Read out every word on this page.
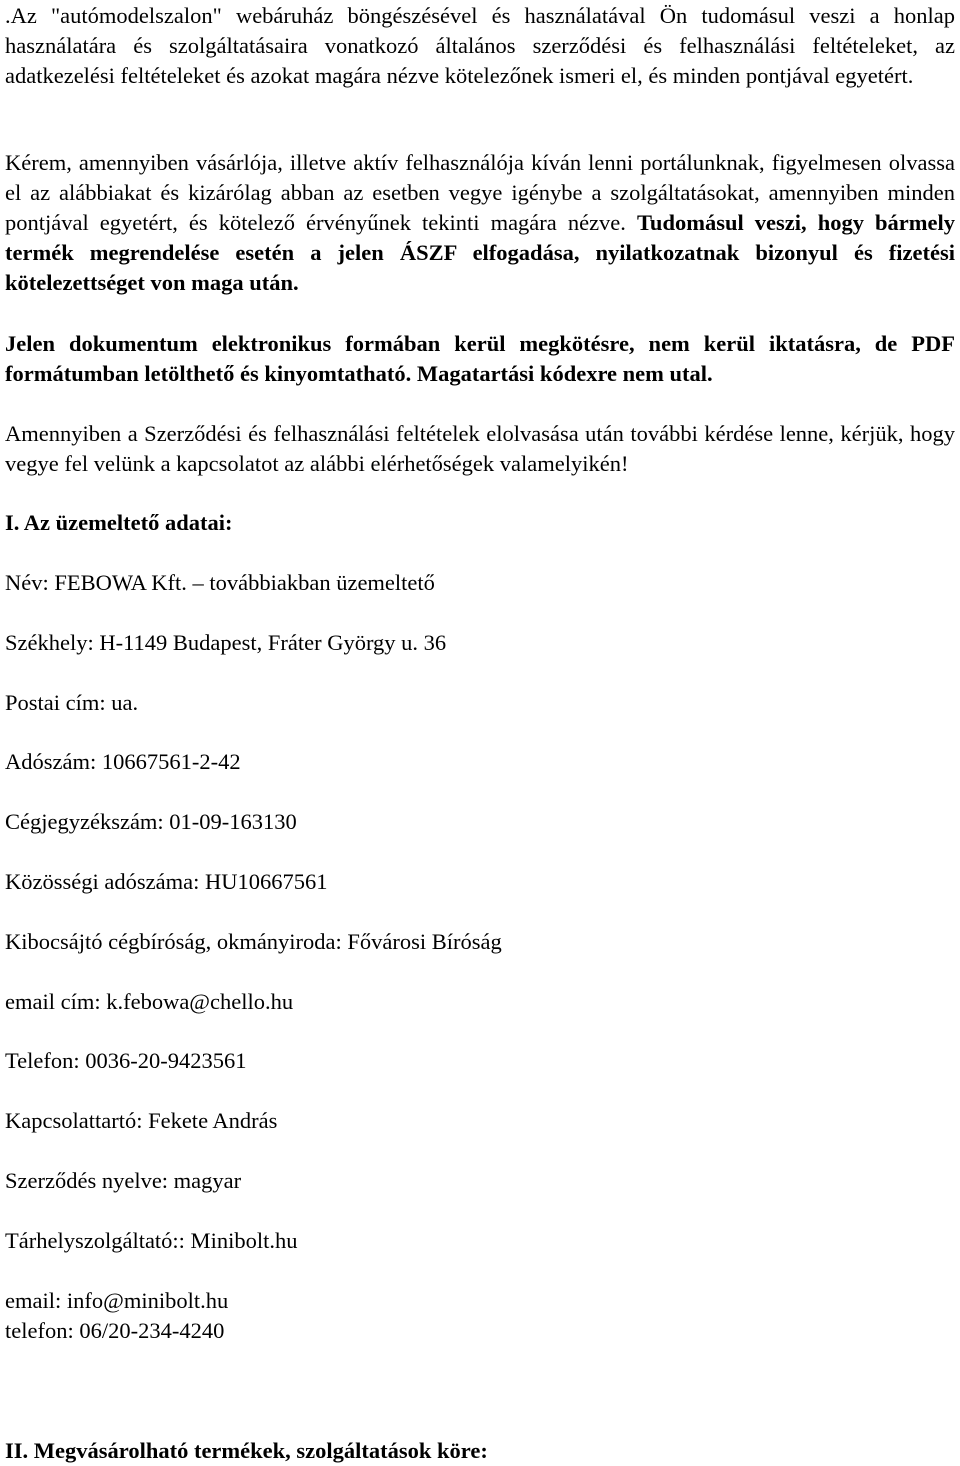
.Az "autómodelszalon" webáruház böngészésével és használatával Ön tudomásul veszi a honlap használatára és szolgáltatásaira vonatkozó általános szerződési és felhasználási feltételeket, az adatkezelési feltételeket és azokat magára nézve kötelezőnek ismeri el, és minden pontjával egyetért.

Kérem, amennyiben vásárlója, illetve aktív felhasználója kíván lenni portálunknak, figyelmesen olvassa el az alábbiakat és kizárólag abban az esetben vegye igénybe a szolgáltatásokat, amennyiben minden pontjával egyetért, és kötelező érvényűnek tekinti magára nézve. Tudomásul veszi, hogy bármely termék megrendelése esetén a jelen ÁSZF elfogadása, nyilatkozatnak bizonyul és fizetési kötelezettséget von maga után.

Jelen dokumentum elektronikus formában kerül megkötésre, nem kerül iktatásra, de PDF formátumban letölthető és kinyomtatható. Magatartási kódexre nem utal.

Amennyiben a Szerződési és felhasználási feltételek elolvasása után további kérdése lenne, kérjük, hogy vegye fel velünk a kapcsolatot az alábbi elérhetőségek valamelyikén!

I. Az üzemeltető adatai:

Név: FEBOWA Kft. – továbbiakban üzemeltető

Székhely: H-1149 Budapest, Fráter György u. 36

Postai cím: ua.

Adószám: 10667561-2-42

Cégjegyzékszám: 01-09-163130

Közösségi adószáma: HU10667561

Kibocsájtó cégbíróság, okmányiroda: Fővárosi Bíróság

email cím: k.febowa@chello.hu

Telefon: 0036-20-9423561

Kapcsolattartó: Fekete András

Szerződés nyelve: magyar

Tárhelyszolgáltató:: Minibolt.hu

email: info@minibolt.hu

telefon: 06/20-234-4240

II. Megvásárolható termékek, szolgáltatások köre:
